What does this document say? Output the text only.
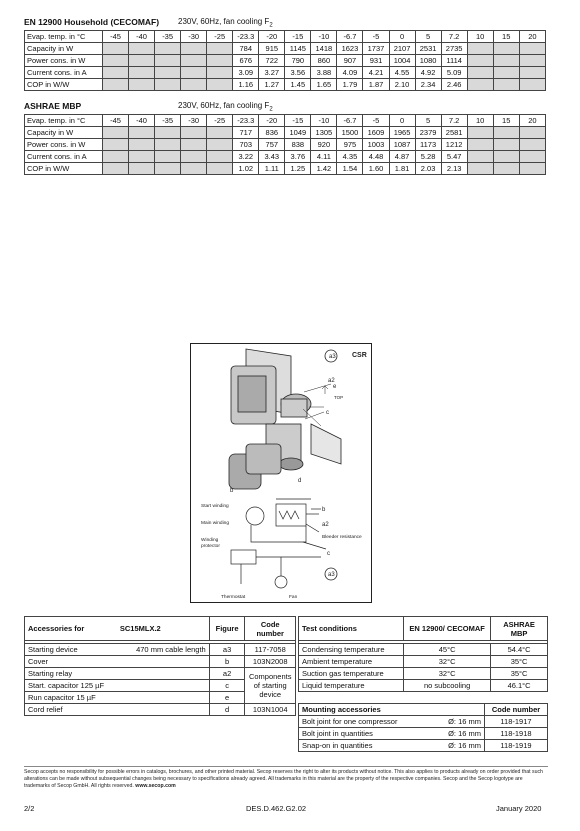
EN 12900 Household (CECOMAF) 230V, 60Hz, fan cooling $F_2$
Evap. temp. in °C	-45	-40	-35	-30	-25	-23.3	-20	-15	-10	-6.7	-5	0	5	7.2	10	15	20
Capacity in W						784	915	1145	1418	1623	1737	2107	2531	2735			
Power cons. in W						676	722	790	860	907	931	1004	1080	1114			
Current cons. in A						3.09	3.27	3.56	3.88	4.09	4.21	4.55	4.92	5.09			
COP in W/W						1.16	1.27	1.45	1.65	1.79	1.87	2.10	2.34	2.46			
ASHRAE MBP	230V, 60Hz, fan cooling $F_2$
Evap. temp. in °C	-45	-40	-35	-30	-25	-23.3	-20	-15	-10	-6.7	-5	0	5	7.2	10	15	20
Capacity in W						717	836	1049	1305	1500	1609	1965	2379	2581			
Power cons. in W						703	757	838	920	975	1003	1087	1173	1212			
Current cons. in A						3.22	3.43	3.76	4.11	4.35	4.48	4.87	5.28	5.47			
COP in W/W						1.02	1.11	1.25	1.42	1.54	1.60	1.81	2.03	2.13			
CSR
a3
TOP
a2
e
c
d
b
Start winding
Main winding
Winding
protector
b
a2
Bleeder resistance
c
a3
Thermostat	Fan
Accessories for	SC15MLX.2	Figure	Code number

Starting device	470 mm cable length	a3	117-7058
Cover		b	103N2008
Starting relay		a2	Components of starting device
Start. capacitor 125 µF		c	
Run capacitor 15 µF		e	
Cord relief		d	103N1004
Test conditions	EN 12900/ CECOMAF	ASHRAE MBP

Condensing temperature	45°C	54.4°C
Ambient temperature	32°C	35°C
Suction gas temperature	32°C	35°C
Liquid temperature	no subcooling	46.1°C
Mounting accessories		Code number
Bolt joint for one compressor	Ø: 16 mm	118-1917
Bolt joint in quantities	Ø: 16 mm	118-1918
Snap-on in quantities	Ø: 16 mm	118-1919
Secop accepts no responsibility for possible errors in catalogs, brochures, and other printed material. Secop reserves the right to alter its products without notice. This also applies to products already on order provided that such alterations can be made without subsequential changes being necessary to specifications already agreed. All trademarks in this material are the property of the respective companies. Secop and the Secop logotype are trademarks of Secop GmbH. All rights reserved. www.secop.com
2/2	DES.D.462.G2.02	January 2020
